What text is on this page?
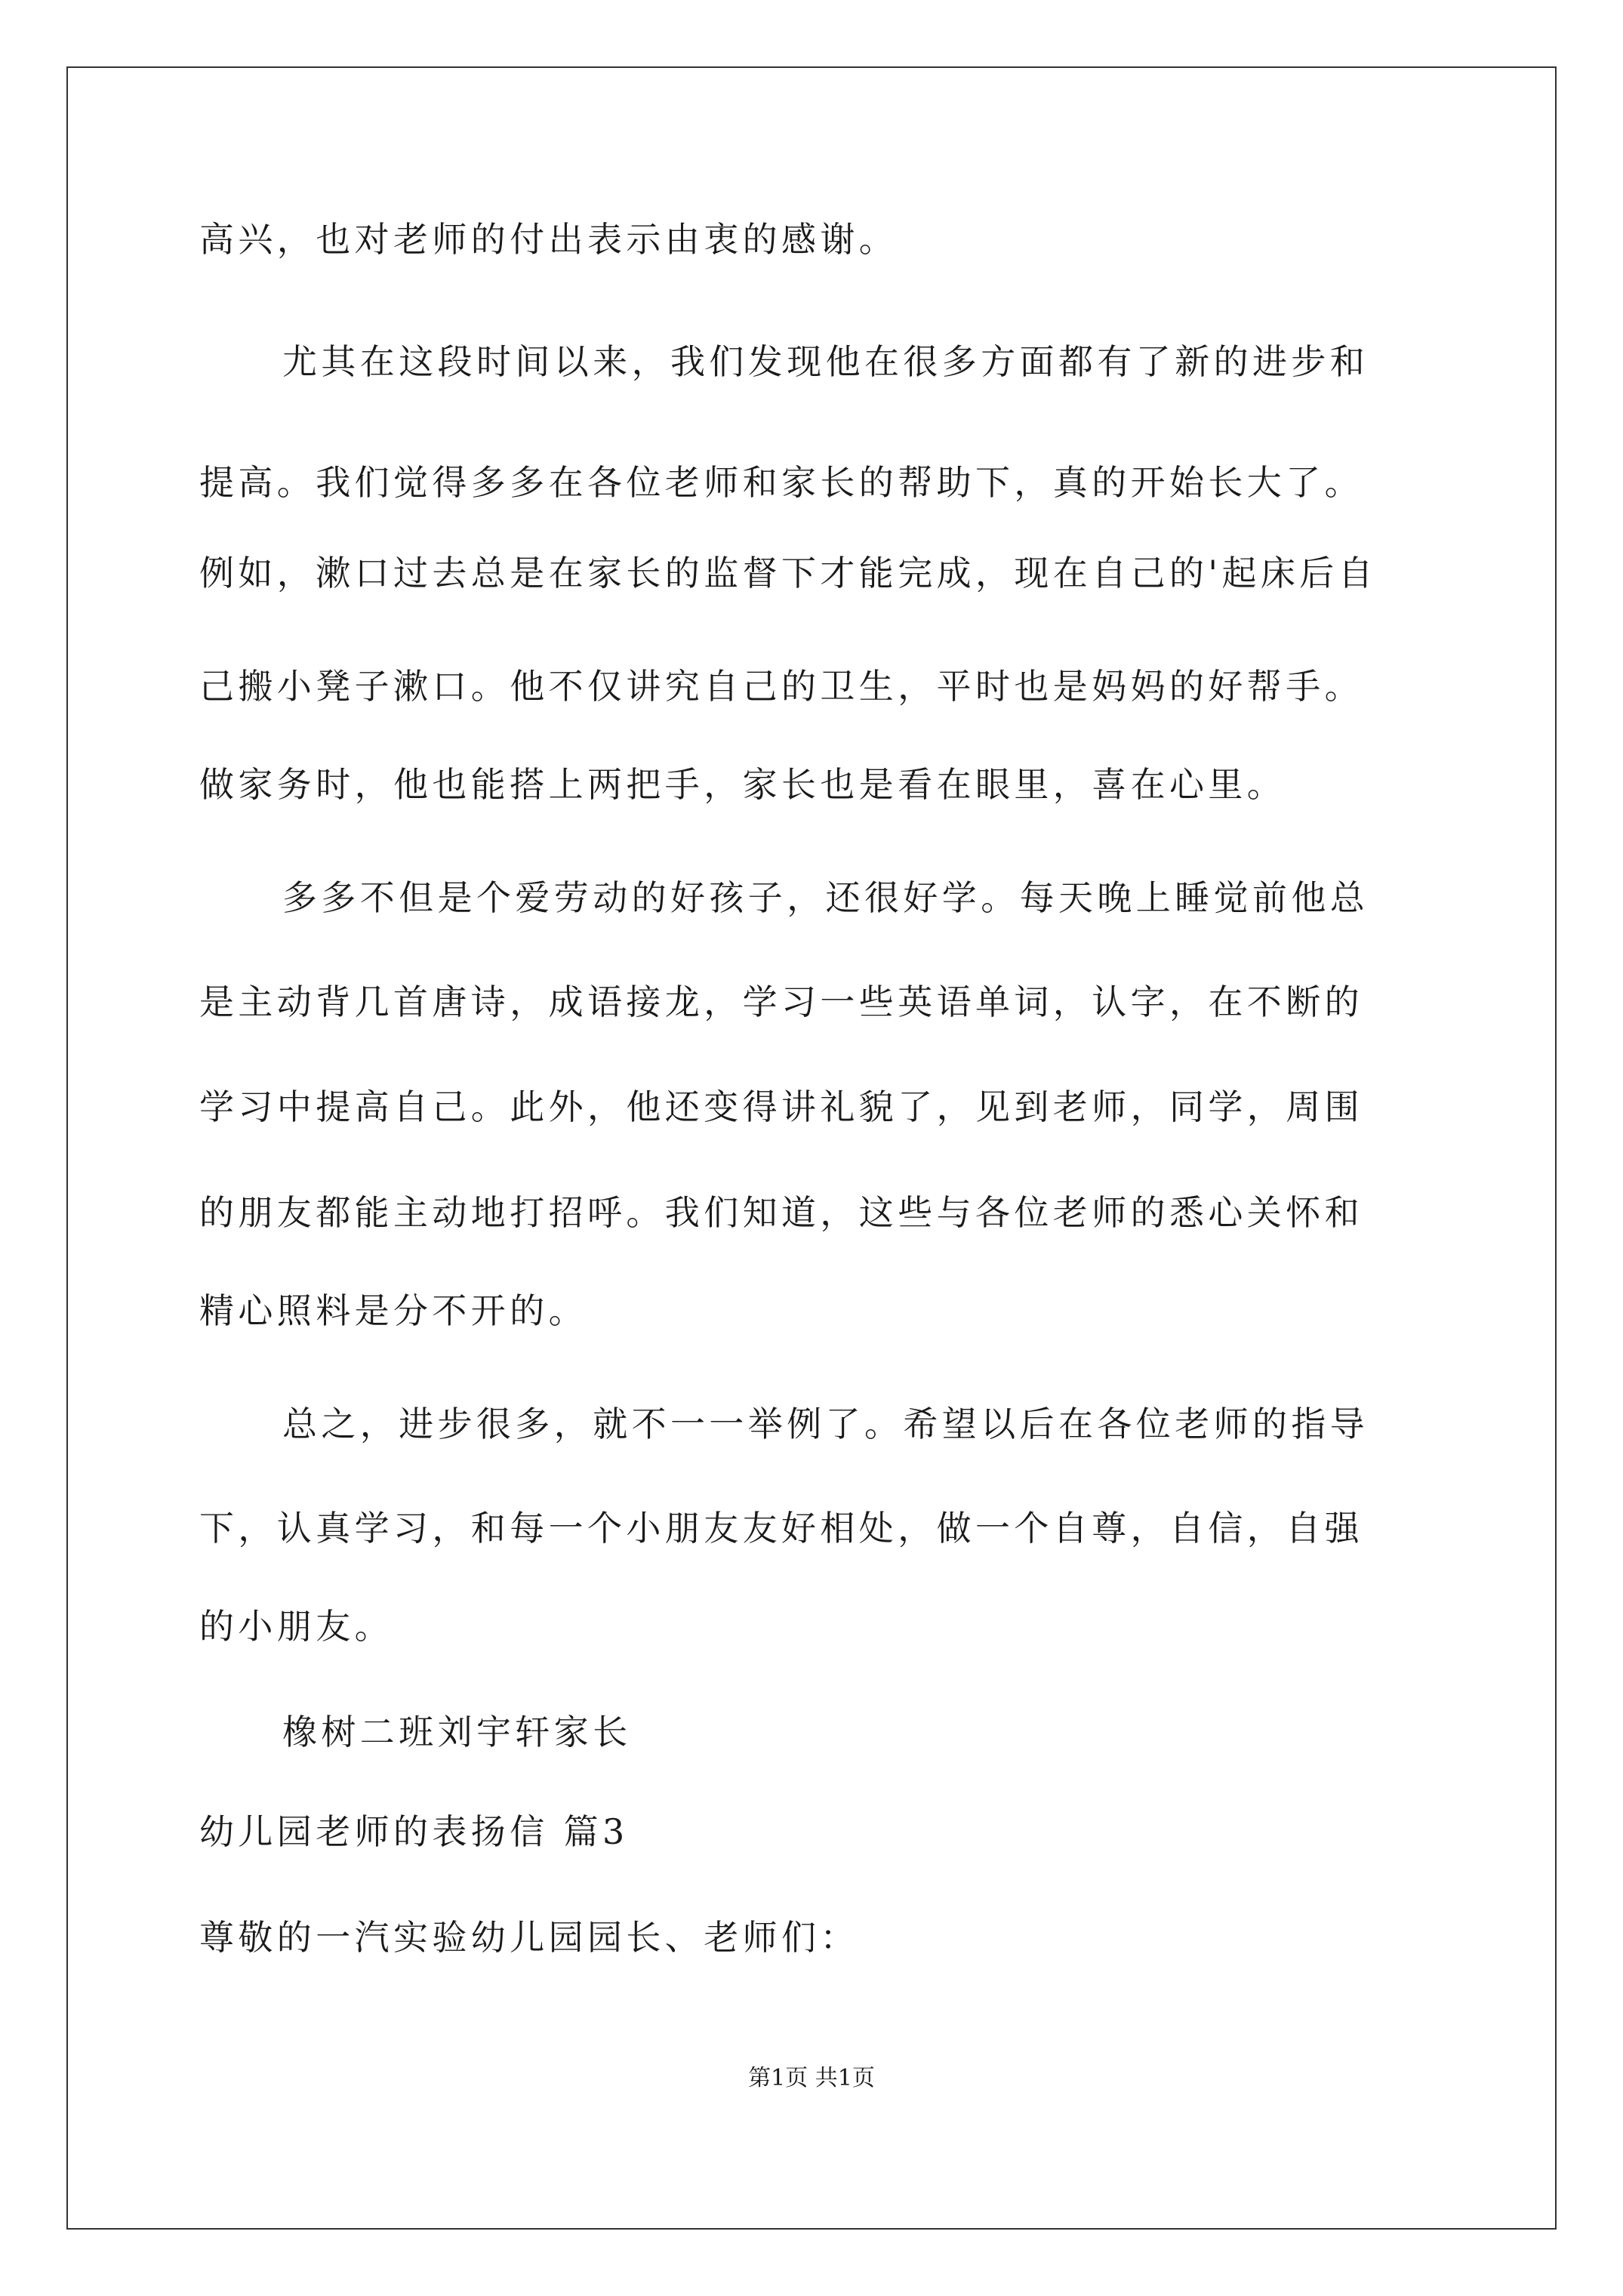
高兴，也对老师的付出表示由衷的感谢。
尤其在这段时间以来，我们发现他在很多方面都有了新的进步和
提高。我们觉得多多在各位老师和家长的帮助下，真的开始长大了。
例如，漱口过去总是在家长的监督下才能完成，现在自己的'起床后自
己搬小凳子漱口。他不仅讲究自己的卫生，平时也是妈妈的好帮手。
做家务时，他也能搭上两把手，家长也是看在眼里，喜在心里。
多多不但是个爱劳动的好孩子，还很好学。每天晚上睡觉前他总
是主动背几首唐诗，成语接龙，学习一些英语单词，认字，在不断的
学习中提高自己。此外，他还变得讲礼貌了，见到老师，同学，周围
的朋友都能主动地打招呼。我们知道，这些与各位老师的悉心关怀和
精心照料是分不开的。
总之，进步很多，就不一一举例了。希望以后在各位老师的指导
下，认真学习，和每一个小朋友友好相处，做一个自尊，自信，自强
的小朋友。
橡树二班刘宇轩家长
幼儿园老师的表扬信 篇3
尊敬的一汽实验幼儿园园长、老师们：
第1页 共1页
